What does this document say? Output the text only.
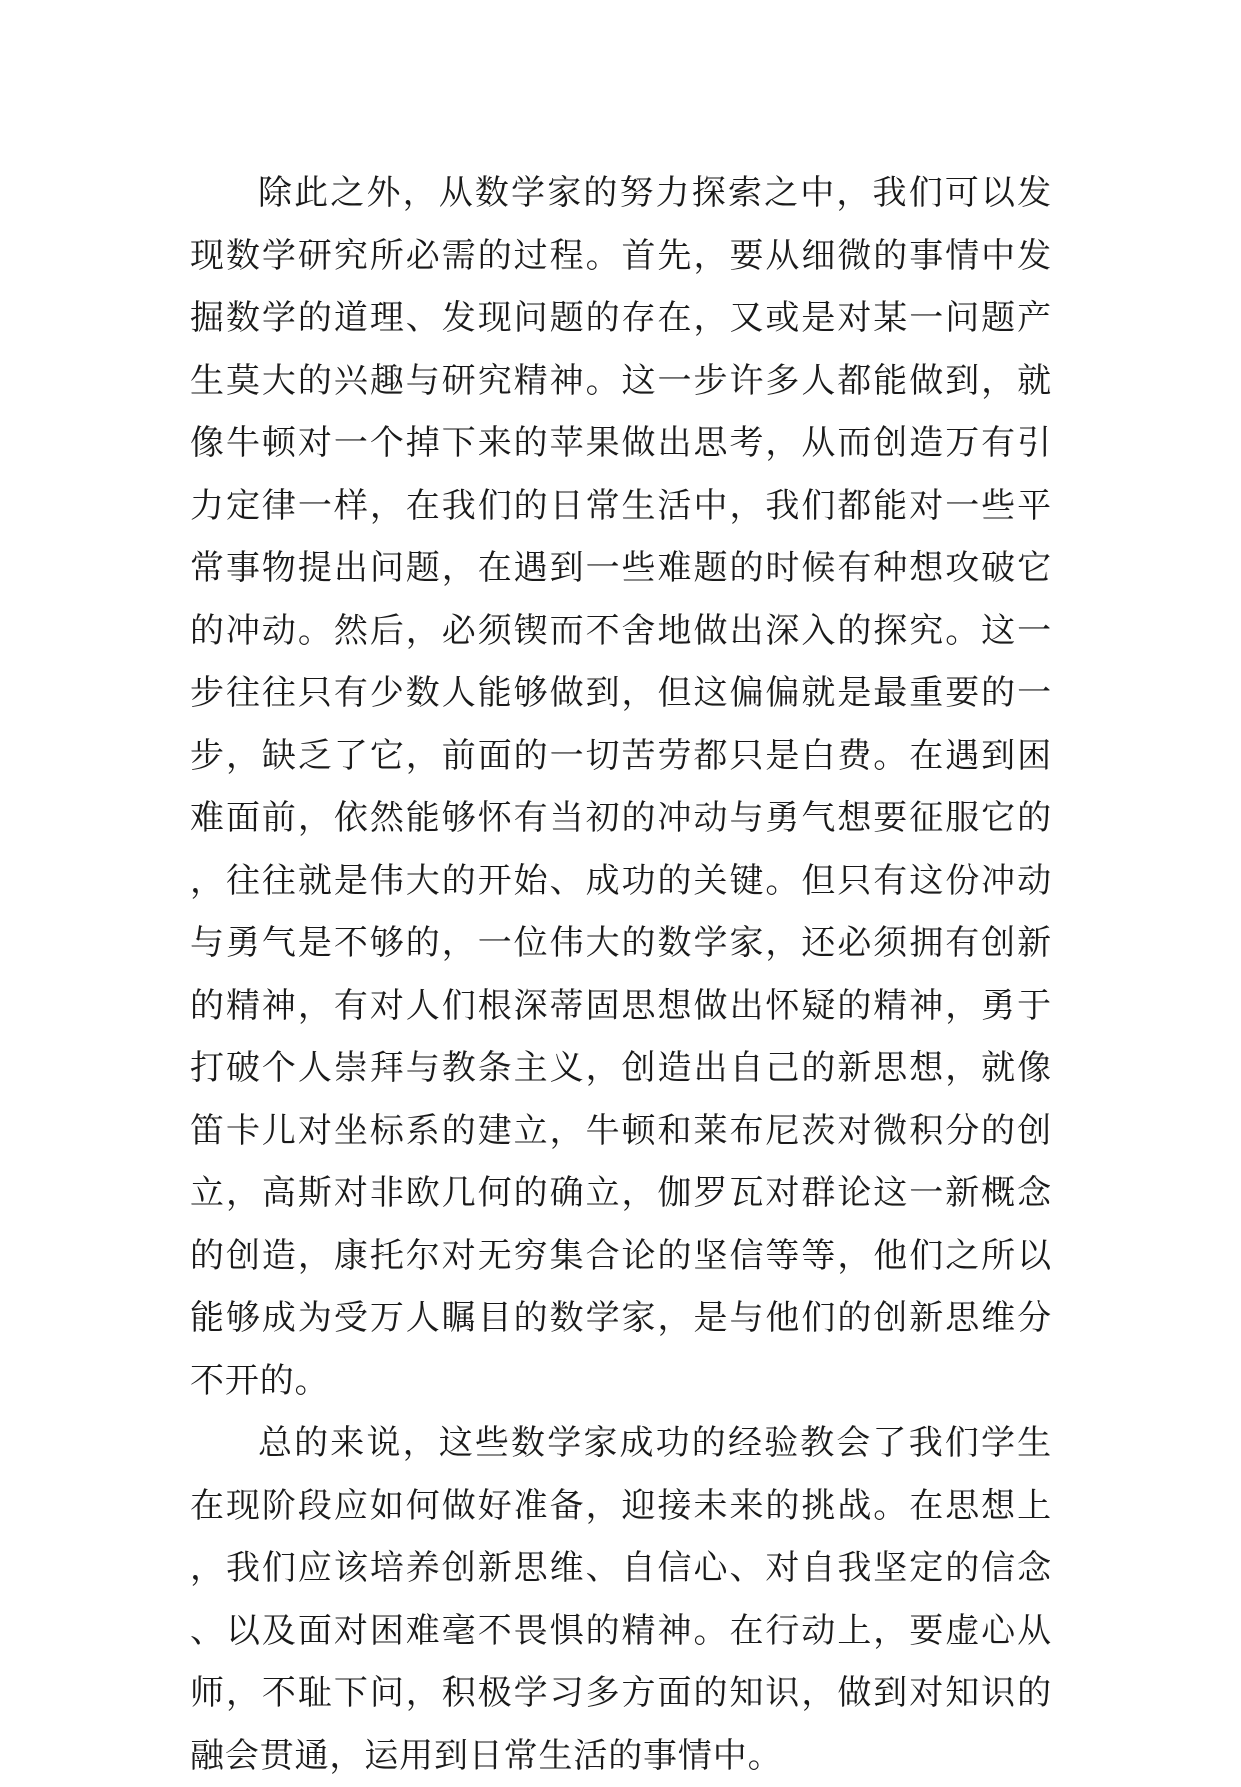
除此之外，从数学家的努力探索之中，我们可以发现数学研究所必需的过程。首先，要从细微的事情中发掘数学的道理、发现问题的存在，又或是对某一问题产生莫大的兴趣与研究精神。这一步许多人都能做到，就像牛顿对一个掉下来的苹果做出思考，从而创造万有引力定律一样，在我们的日常生活中，我们都能对一些平常事物提出问题，在遇到一些难题的时候有种想攻破它的冲动。然后，必须锲而不舍地做出深入的探究。这一步往往只有少数人能够做到，但这偏偏就是最重要的一步，缺乏了它，前面的一切苦劳都只是白费。在遇到困难面前，依然能够怀有当初的冲动与勇气想要征服它的，往往就是伟大的开始、成功的关键。但只有这份冲动与勇气是不够的，一位伟大的数学家，还必须拥有创新的精神，有对人们根深蒂固思想做出怀疑的精神，勇于打破个人崇拜与教条主义，创造出自己的新思想，就像笛卡儿对坐标系的建立，牛顿和莱布尼茨对微积分的创立，高斯对非欧几何的确立，伽罗瓦对群论这一新概念的创造，康托尔对无穷集合论的坚信等等，他们之所以能够成为受万人瞩目的数学家，是与他们的创新思维分不开的。

总的来说，这些数学家成功的经验教会了我们学生在现阶段应如何做好准备，迎接未来的挑战。在思想上，我们应该培养创新思维、自信心、对自我坚定的信念、以及面对困难毫不畏惧的精神。在行动上，要虚心从师，不耻下问，积极学习多方面的知识，做到对知识的融会贯通，运用到日常生活的事情中。
